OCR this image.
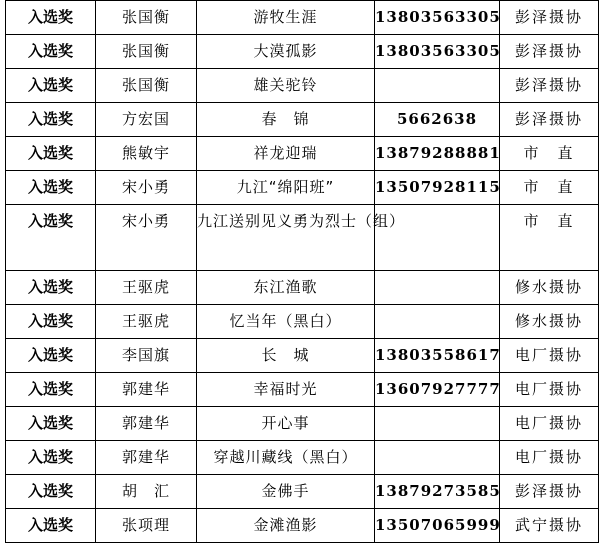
入选奖	张国衡	游牧生涯	13803563305	彭泽摄协
入选奖	张国衡	大漠孤影	13803563305	彭泽摄协
入选奖	张国衡	雄关驼铃		彭泽摄协
入选奖	方宏国	春　锦	5662638	彭泽摄协
入选奖	熊敏宇	祥龙迎瑞	13879288881	市　直
入选奖	宋小勇	九江“绵阳班”	13507928115	市　直
入选奖	宋小勇	九江送别见义勇为烈士（组）		市　直
入选奖	王驱虎	东江渔歌		修水摄协
入选奖	王驱虎	忆当年（黑白）		修水摄协
入选奖	李国旗	长　城	13803558617	电厂摄协
入选奖	郭建华	幸福时光	13607927777	电厂摄协
入选奖	郭建华	开心事		电厂摄协
入选奖	郭建华	穿越川藏线（黑白）		电厂摄协
入选奖	胡　汇	金佛手	13879273585	彭泽摄协
入选奖	张项理	金滩渔影	13507065999	武宁摄协
